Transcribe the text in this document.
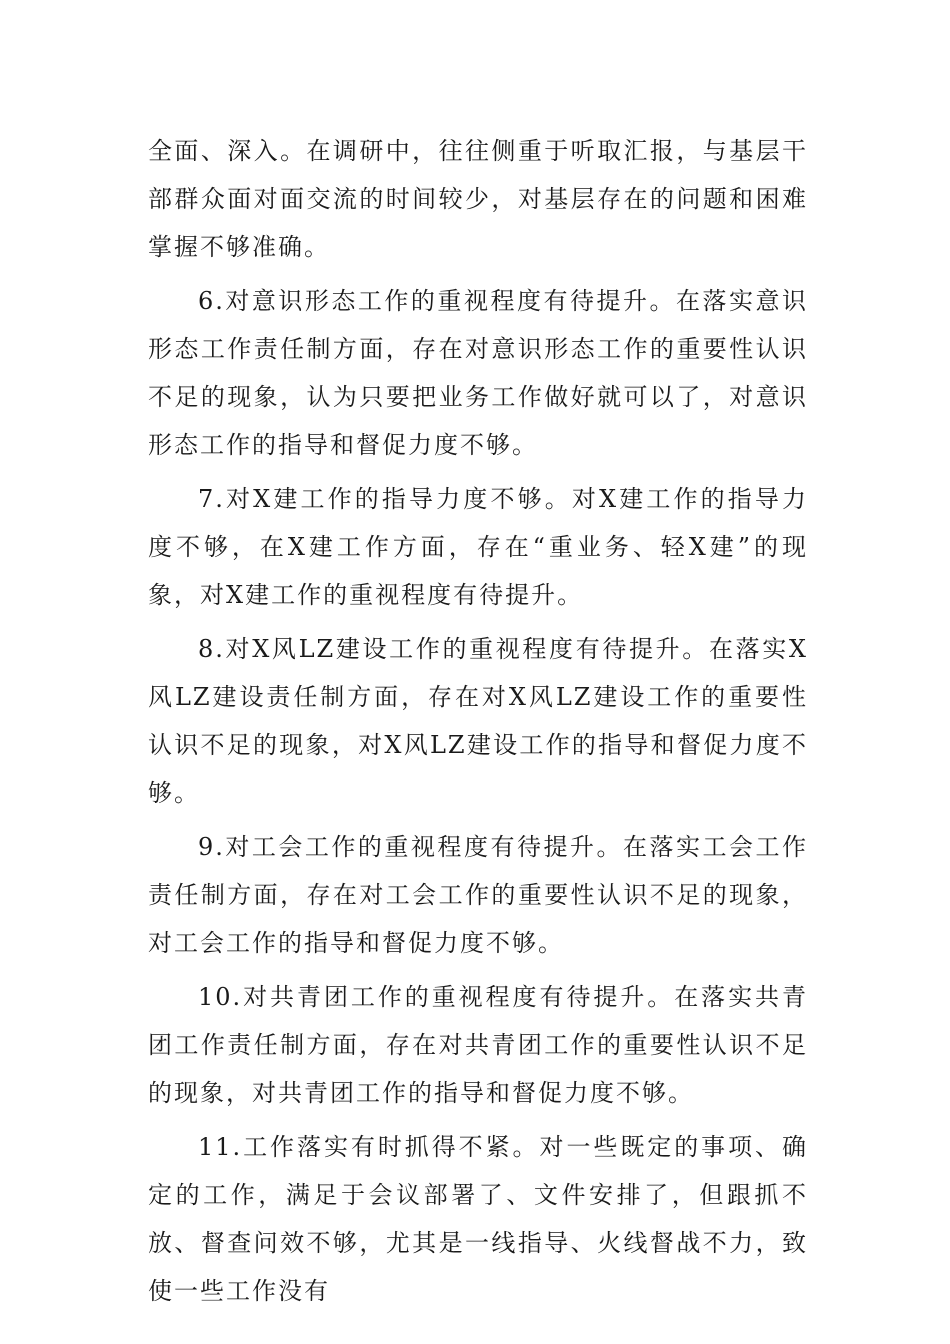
全面、深入。在调研中，往往侧重于听取汇报，与基层干部群众面对面交流的时间较少，对基层存在的问题和困难掌握不够准确。

6.对意识形态工作的重视程度有待提升。在落实意识形态工作责任制方面，存在对意识形态工作的重要性认识不足的现象，认为只要把业务工作做好就可以了，对意识形态工作的指导和督促力度不够。

7.对X建工作的指导力度不够。对X建工作的指导力度不够，在X建工作方面，存在“重业务、轻X建”的现象，对X建工作的重视程度有待提升。

8.对X风LZ建设工作的重视程度有待提升。在落实X风LZ建设责任制方面，存在对X风LZ建设工作的重要性认识不足的现象，对X风LZ建设工作的指导和督促力度不够。

9.对工会工作的重视程度有待提升。在落实工会工作责任制方面，存在对工会工作的重要性认识不足的现象，对工会工作的指导和督促力度不够。

10.对共青团工作的重视程度有待提升。在落实共青团工作责任制方面，存在对共青团工作的重要性认识不足的现象，对共青团工作的指导和督促力度不够。

11.工作落实有时抓得不紧。对一些既定的事项、确定的工作，满足于会议部署了、文件安排了，但跟抓不放、督查问效不够，尤其是一线指导、火线督战不力，致使一些工作没有
